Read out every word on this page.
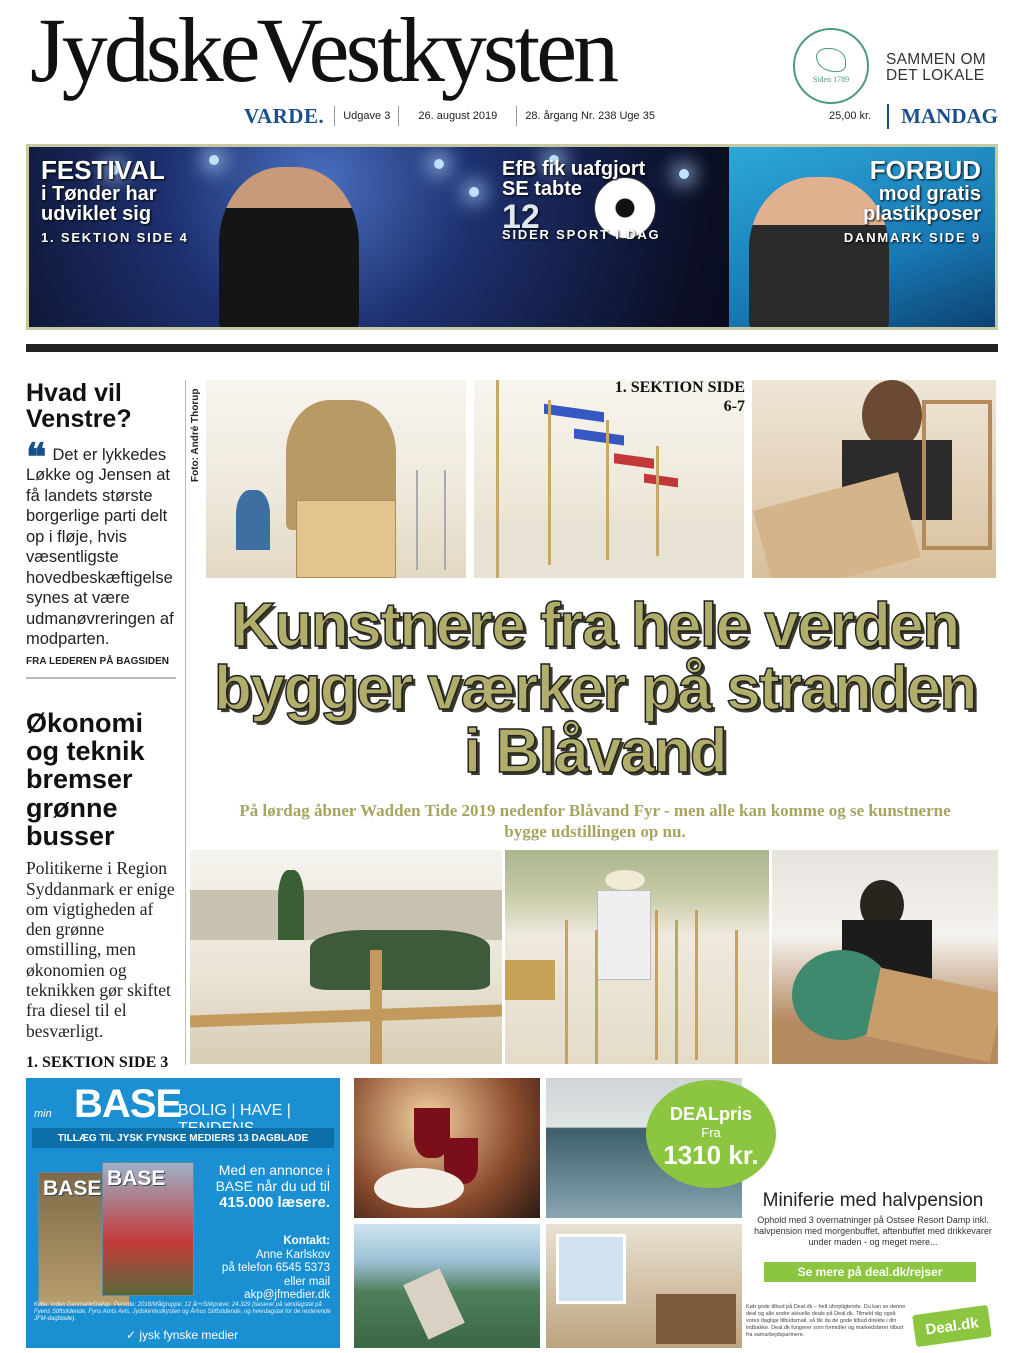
JydskeVestkysten	Siden 1789
SAMMEN OM DET LOKALE
VARDE.	Udgave 3	26. august 2019	28. årgang Nr. 238 Uge 35	25,00 kr.	MANDAG
FESTIVAL
i Tønder har
udviklet sig
1. SEKTION SIDE 4
EfB fik uafgjort
SE tabte
12
SIDER SPORT I DAG
FORBUD
mod gratis
plastikposer
DANMARK SIDE 9
Hvad vil Venstre?
❝ Det er lykkedes Løkke og Jensen at få landets største borgerlige parti delt op i fløje, hvis væsentligste hovedbeskæftigelse synes at være udmanøvreringen af modparten.
FRA LEDEREN PÅ BAGSIDEN
Økonomi og teknik bremser grønne busser
Politikerne i Region Syddanmark er enige om vigtigheden af den grønne omstilling, men økonomien og teknikken gør skiftet fra diesel til el besværligt.
1. SEKTION SIDE 3
Foto: André Thorup
1. SEKTION SIDE 6-7
Kunstnere fra hele verden bygger værker på stranden i Blåvand
På lørdag åbner Wadden Tide 2019 nedenfor Blåvand Fyr - men alle kan komme og se kunstnerne bygge udstillingen op nu.
min BASE
BOLIG | HAVE |
TILLÆG TIL JYSK FYNSKE MEDIERS 13 DAGBLADE
BASE BASE	Med en annonce i BASE når du ud til
415.000 læsere.
Kontakt:
Anne Karlskov
på telefon 6545 5373
eller mail
akp@jfmedier.dk
Kilde: Index Danmark/Gallup. Periode: 2018/Målgruppe: 12 år+/Stikprøve: 24.329 (baseret på søndagstal på Fyens Stiftstidende, Fyns Amts Avis, JydskeVestkysten og Århus Stiftstidende, og hverdagstal for de resterende JFM-dagblade).
✓ jysk fynske medier
DEALpris
Fra
1310 kr.
Miniferie med halvpension
Ophold med 3 overnatninger på Ostsee Resort Damp inkl. halvpension med morgenbuffet, aftenbuffet med drikkevarer under maden - og meget mere...
Se mere på deal.dk/rejser
Køb gode tilbud på Deal.dk – helt uforpligtende. Du kan se denne deal og alle andre aktuelle deals på Deal.dk. Tilmeld dig også vores dagligе tilbudsmail, så får du de gode tilbud direkte i din indbakke. Deal.dk fungerer som formidler og markedsfører tilbud fra samarbejdspartnere.	Deal.dk
